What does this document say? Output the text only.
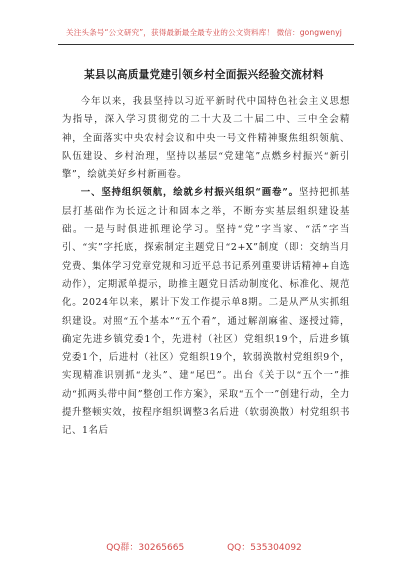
关注头条号“公文研究”，获得最新最全最专业的公文资料库！ 微信：gongwenyj
某县以高质量党建引领乡村全面振兴经验交流材料

今年以来，我县坚持以习近平新时代中国特色社会主义思想为指导，深入学习贯彻党的二十大及二十届二中、三中全会精神，全面落实中央农村会议和中央一号文件精神聚焦组织领航、队伍建设、乡村治理，坚持以基层“党建笔”点燃乡村振兴“新引擎”，绘就美好乡村新画卷。

一、坚持组织领航，绘就乡村振兴组织“画卷”。坚持把抓基层打基础作为长远之计和固本之举，不断夯实基层组织建设基础。一是与时俱进抓理论学习。坚持“党”字当家、“活”字当引、“实”字托底，探索制定主题党日“2+X”制度（即：交纳当月党费、集体学习党章党规和习近平总书记系列重要讲话精神+自选动作），定期派单提示，助推主题党日活动制度化、标准化、规范化。2024年以来，累计下发工作提示单8期。二是从严从实抓组织建设。对照“五个基本”“五个看”，通过解剖麻雀、逐授过筛，确定先进乡镇党委1个，先进村（社区）党组织19个，后进乡镇党委1个，后进村（社区）党组织19个，软弱涣散村党组织9个，实现精准识别抓“龙头”、建“尾巴”。出台《关于以“五个一”推动“抓两头带中间”整创工作方案》，采取“五个一”创建行动，全力提升整顿实效，按程序组织调整3名后进（软弱涣散）村党组织书记、1名后

QQ群：30265665	QQ：535304092
